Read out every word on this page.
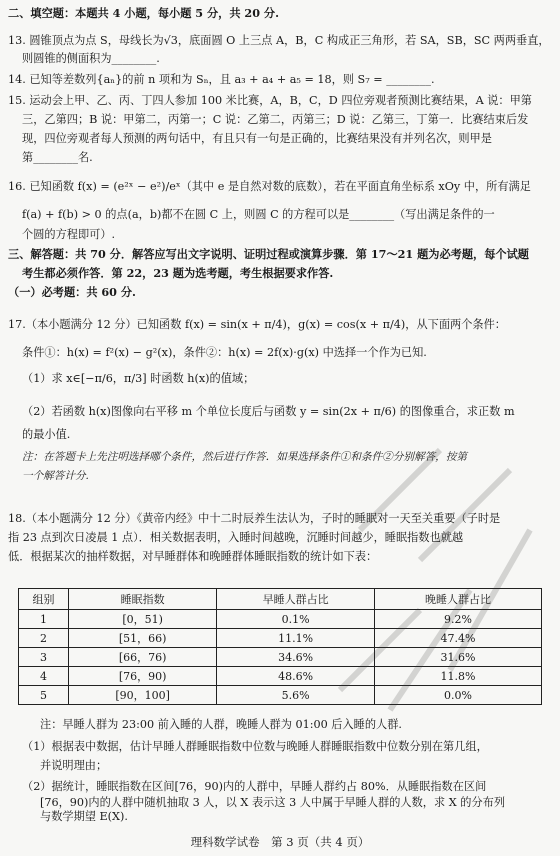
二、填空题：本题共 4 小题，每小题 5 分，共 20 分.
13. 圆锥顶点为点 S，母线长为√3，底面圆 O 上三点 A，B，C 构成正三角形，若 SA，SB，SC 两两垂直，
则圆锥的侧面积为________.
14. 已知等差数列{aₙ}的前 n 项和为 Sₙ，且 a₃ + a₄ + a₅ = 18，则 S₇ = ________.
15. 运动会上甲、乙、丙、丁四人参加 100 米比赛，A，B，C，D 四位旁观者预测比赛结果，A 说：甲第
三，乙第四；B 说：甲第二，丙第一；C 说：乙第二，丙第三；D 说：乙第三，丁第一．比赛结束后发
现，四位旁观者每人预测的两句话中，有且只有一句是正确的，比赛结果没有并列名次，则甲是
第________名.
16. 已知函数 f(x) = (e²ˣ − e²)/eˣ（其中 e 是自然对数的底数），若在平面直角坐标系 xOy 中，所有满足
f(a) + f(b) > 0 的点(a，b)都不在圆 C 上，则圆 C 的方程可以是________（写出满足条件的一
个圆的方程即可）.
三、解答题：共 70 分．解答应写出文字说明、证明过程或演算步骤．第 17～21 题为必考题，每个试题
考生都必须作答．第 22，23 题为选考题，考生根据要求作答.
（一）必考题：共 60 分.
17.（本小题满分 12 分）已知函数 f(x) = sin(x + π/4)，g(x) = cos(x + π/4)，从下面两个条件：
条件①：h(x) = f²(x) − g²(x)，条件②：h(x) = 2f(x)·g(x) 中选择一个作为已知.
（1）求 x∈[−π/6，π/3] 时函数 h(x)的值域；
（2）若函数 h(x)图像向右平移 m 个单位长度后与函数 y = sin(2x + π/6) 的图像重合，求正数 m
的最小值.
注：在答题卡上先注明选择哪个条件，然后进行作答．如果选择条件①和条件②分别解答，按第
一个解答计分.
18.（本小题满分 12 分）《黄帝内经》中十二时辰养生法认为，子时的睡眠对一天至关重要（子时是
指 23 点到次日凌晨 1 点）．相关数据表明，入睡时间越晚，沉睡时间越少，睡眠指数也就越
低．根据某次的抽样数据，对早睡群体和晚睡群体睡眠指数的统计如下表：
组别	睡眠指数	早睡人群占比	晚睡人群占比
1	[0，51)	0.1%	9.2%
2	[51，66)	11.1%	47.4%
3	[66，76)	34.6%	31.6%
4	[76，90)	48.6%	11.8%
5	[90，100]	5.6%	0.0%
注：早睡人群为 23:00 前入睡的人群，晚睡人群为 01:00 后入睡的人群.
（1）根据表中数据，估计早睡人群睡眠指数中位数与晚睡人群睡眠指数中位数分别在第几组，
并说明理由；
（2）据统计，睡眠指数在区间[76，90)内的人群中，早睡人群约占 80%．从睡眠指数在区间
[76，90)内的人群中随机抽取 3 人，以 X 表示这 3 人中属于早睡人群的人数，求 X 的分布列
与数学期望 E(X).
理科数学试卷　第 3 页（共 4 页）
